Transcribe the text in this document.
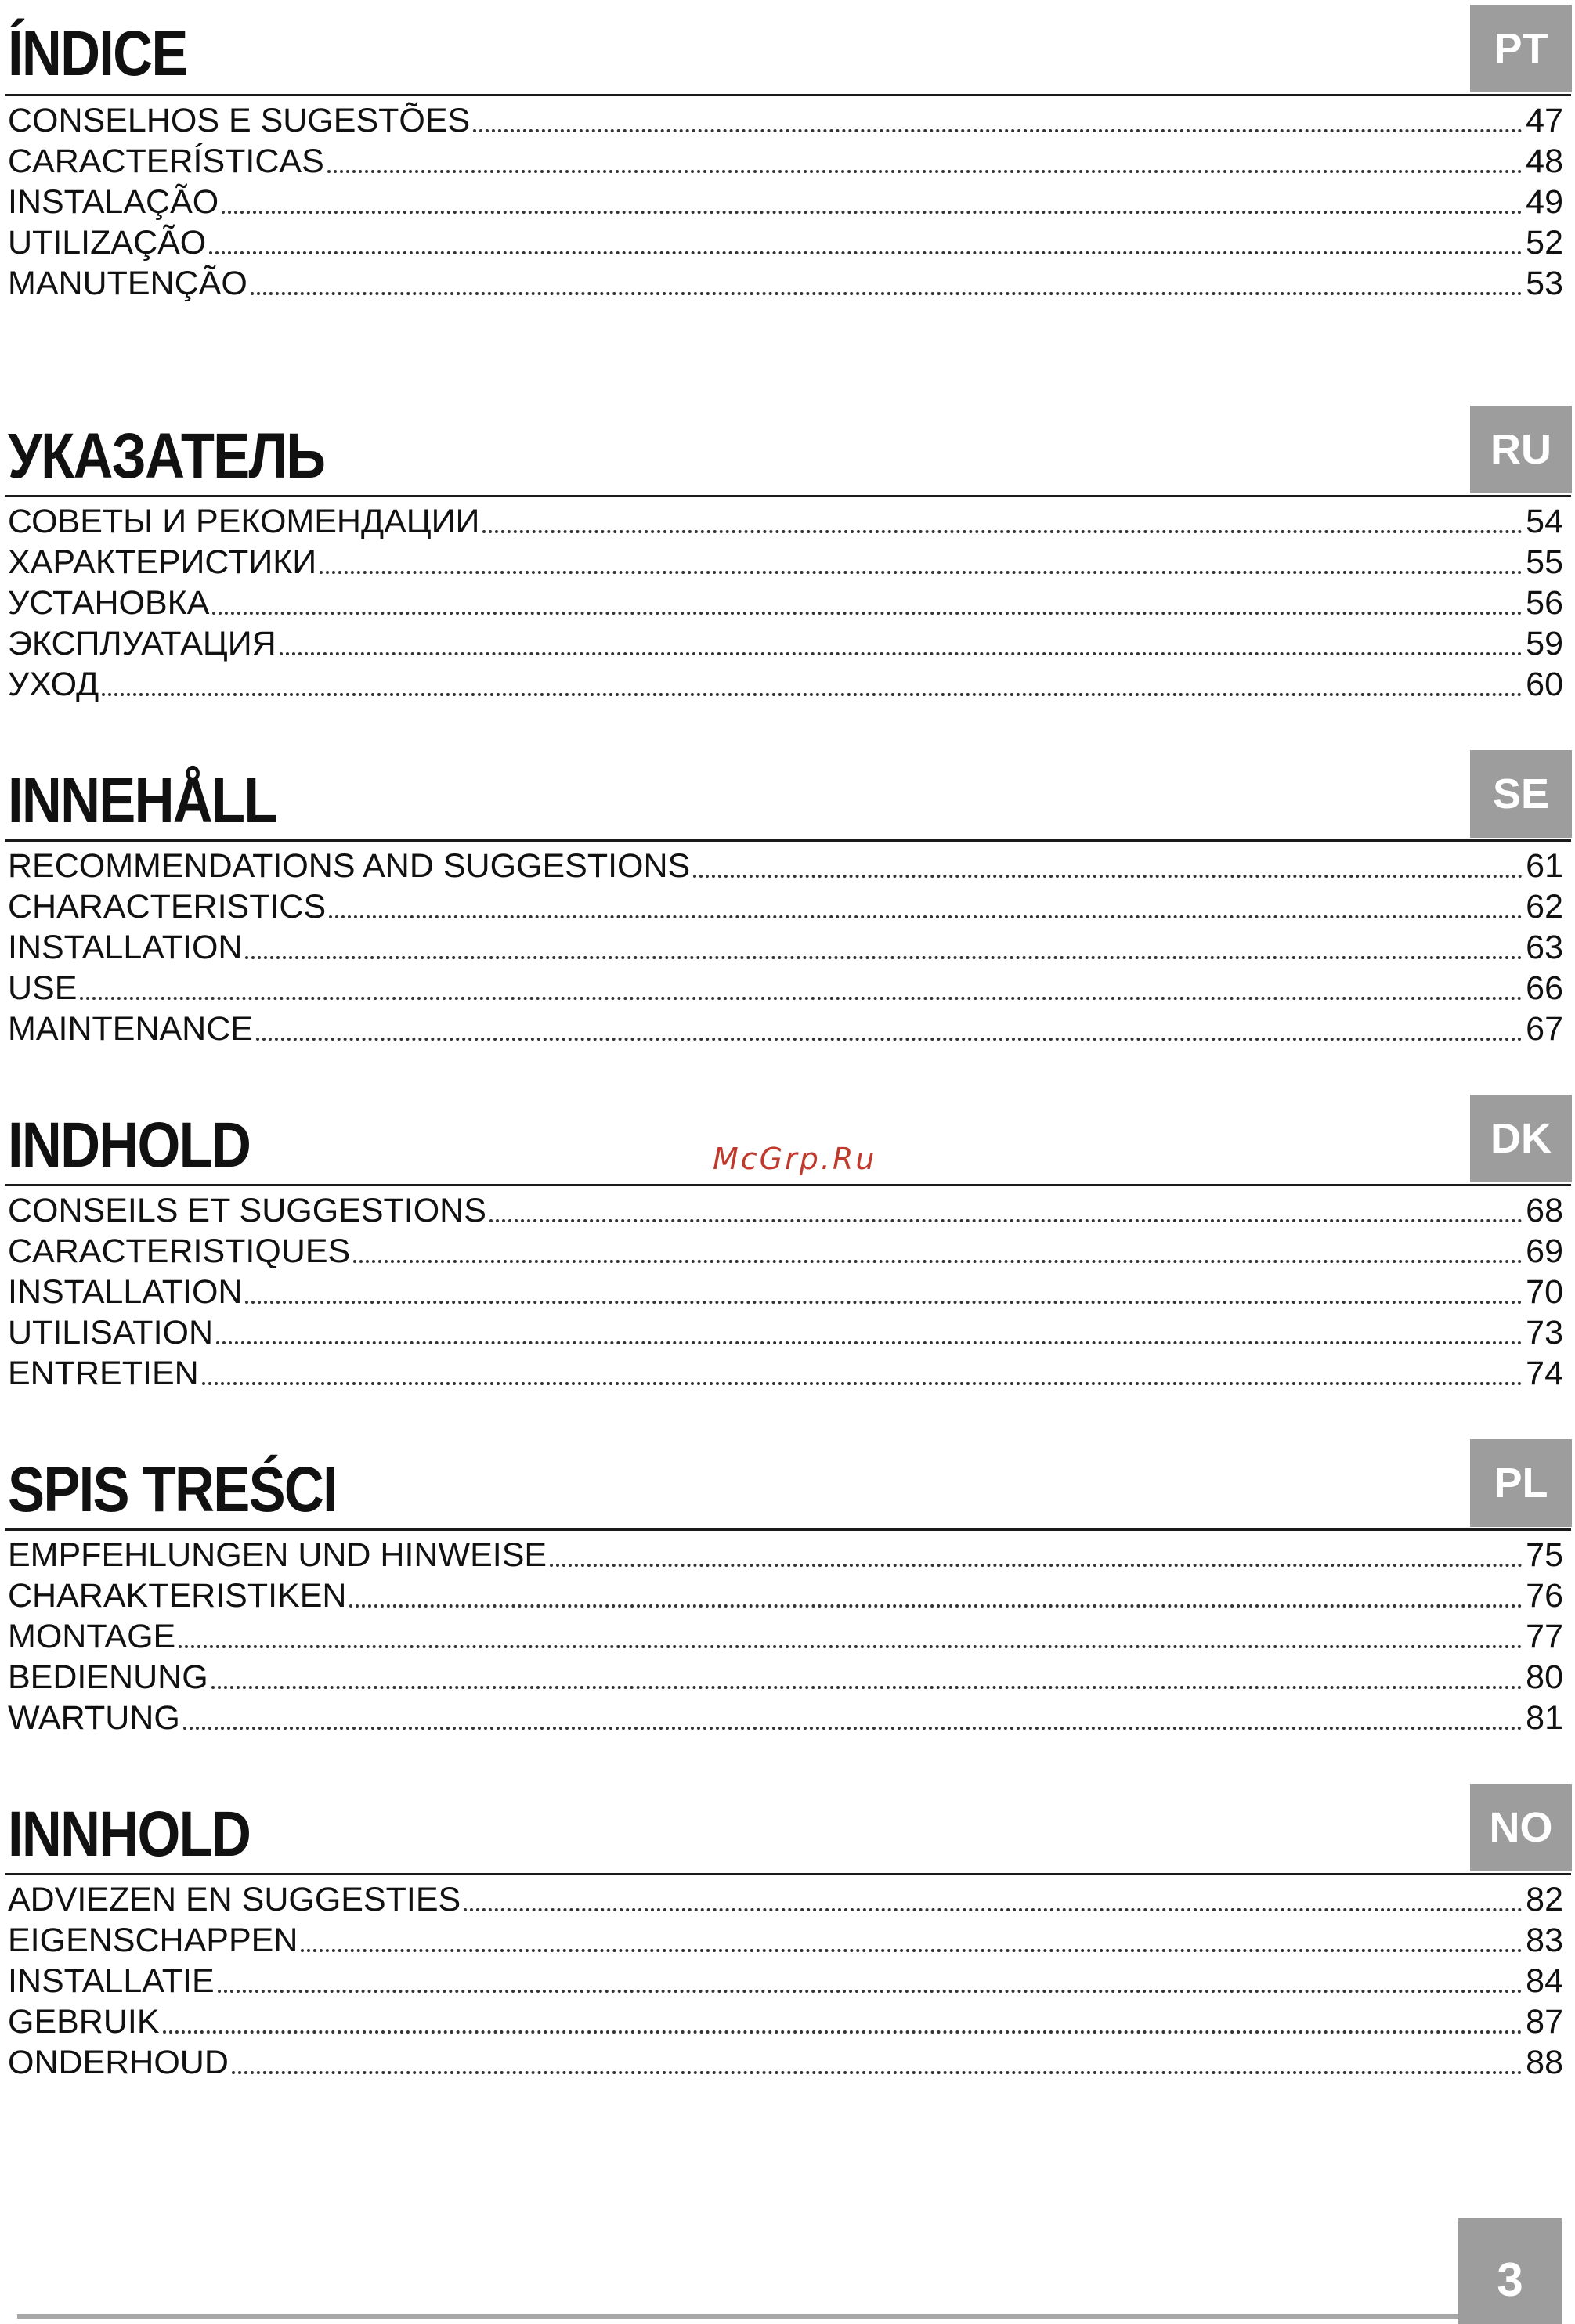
ÍNDICE	PT
CONSELHOS E SUGESTÕES	47
CARACTERÍSTICAS	48
INSTALAÇÃO	49
UTILIZAÇÃO	52
MANUTENÇÃO	53
УКАЗАТЕЛЬ	RU
СОВЕТЫ И РЕКОМЕНДАЦИИ	54
ХАРАКТЕРИСТИКИ	55
УСТАНОВКА	56
ЭКСПЛУАТАЦИЯ	59
УХОД	60
INNEHÅLL	SE
RECOMMENDATIONS AND SUGGESTIONS	61
CHARACTERISTICS	62
INSTALLATION	63
USE	66
MAINTENANCE	67
INDHOLD	DK
CONSEILS ET SUGGESTIONS	68
CARACTERISTIQUES	69
INSTALLATION	70
UTILISATION	73
ENTRETIEN	74
SPIS TREŚCI	PL
EMPFEHLUNGEN UND HINWEISE	75
CHARAKTERISTIKEN	76
MONTAGE	77
BEDIENUNG	80
WARTUNG	81
INNHOLD	NO
ADVIEZEN EN SUGGESTIES	82
EIGENSCHAPPEN	83
INSTALLATIE	84
GEBRUIK	87
ONDERHOUD	88
McGrp.Ru
3
